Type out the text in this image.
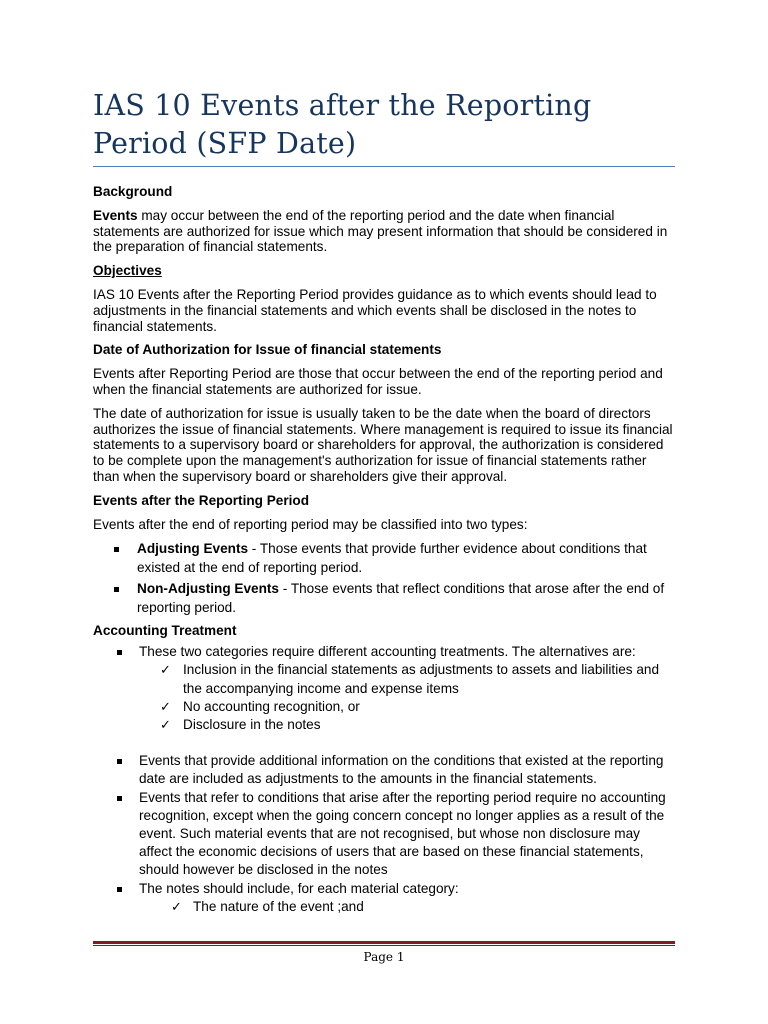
IAS 10 Events after the Reporting Period (SFP Date)
Background

Events may occur between the end of the reporting period and the date when financial statements are authorized for issue which may present information that should be considered in the preparation of financial statements.

Objectives

IAS 10 Events after the Reporting Period provides guidance as to which events should lead to adjustments in the financial statements and which events shall be disclosed in the notes to financial statements.

Date of Authorization for Issue of financial statements

Events after Reporting Period are those that occur between the end of the reporting period and when the financial statements are authorized for issue.

The date of authorization for issue is usually taken to be the date when the board of directors authorizes the issue of financial statements. Where management is required to issue its financial statements to a supervisory board or shareholders for approval, the authorization is considered to be complete upon the management's authorization for issue of financial statements rather than when the supervisory board or shareholders give their approval.

Events after the Reporting Period

Events after the end of reporting period may be classified into two types:

Adjusting Events - Those events that provide further evidence about conditions that existed at the end of reporting period.
Non-Adjusting Events - Those events that reflect conditions that arose after the end of reporting period.
Accounting Treatment
These two categories require different accounting treatments. The alternatives are:
✓ Inclusion in the financial statements as adjustments to assets and liabilities and the accompanying income and expense items
✓ No accounting recognition, or
✓ Disclosure in the notes
Events that provide additional information on the conditions that existed at the reporting date are included as adjustments to the amounts in the financial statements.
Events that refer to conditions that arise after the reporting period require no accounting recognition, except when the going concern concept no longer applies as a result of the event. Such material events that are not recognised, but whose non disclosure may affect the economic decisions of users that are based on these financial statements, should however be disclosed in the notes
The notes should include, for each material category:
✓ The nature of the event ;and
Page 1
